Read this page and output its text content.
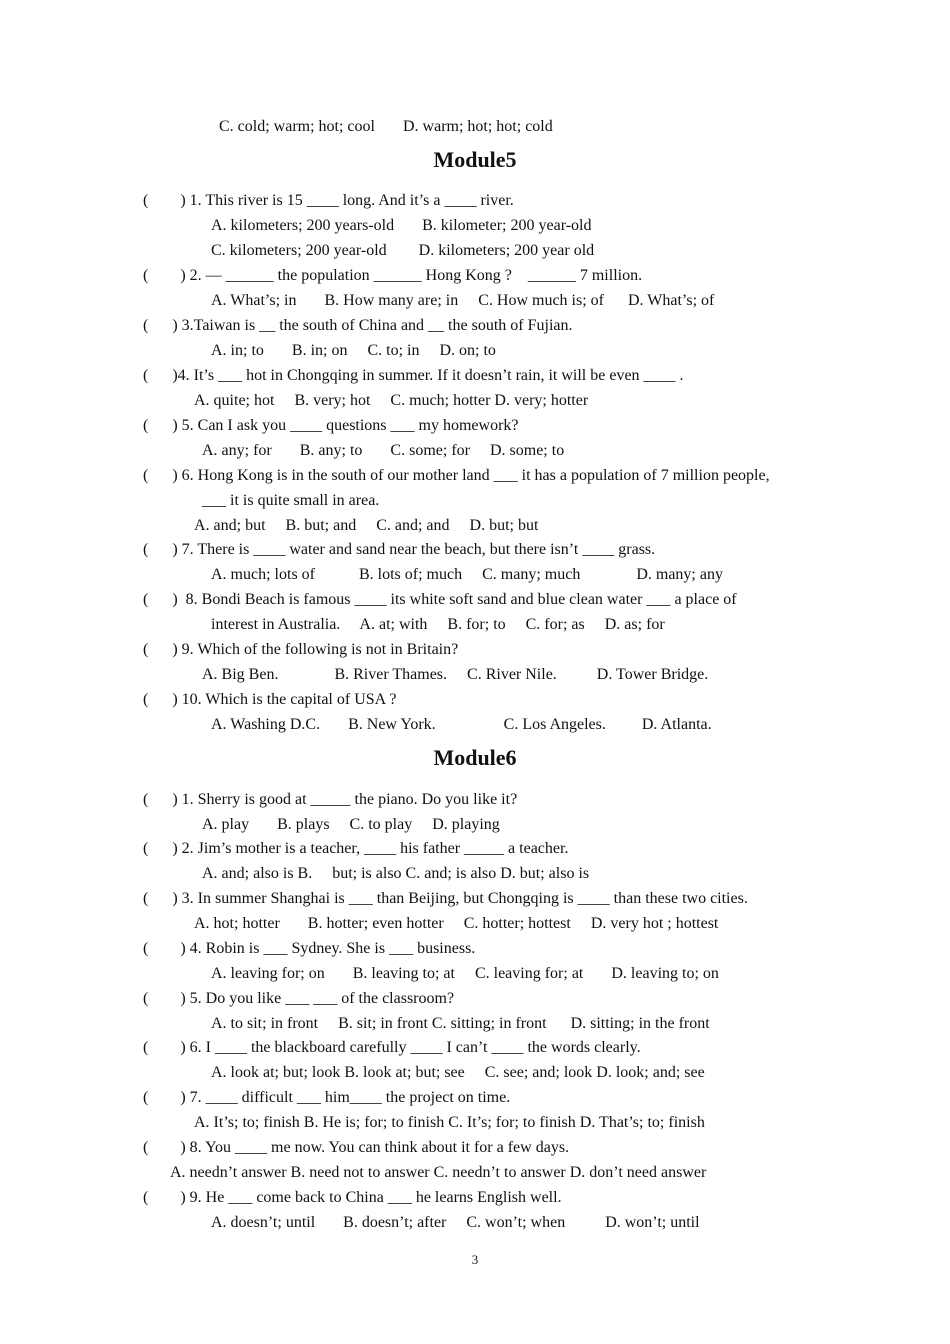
C. cold; warm; hot; cool       D. warm; hot; hot; cold
Module5
(        ) 1. This river is 15 ____ long. And it’s a ____ river.
A. kilometers; 200 years-old       B. kilometer; 200 year-old
C. kilometers; 200 year-old        D. kilometers; 200 year old
(        ) 2. — ______ the population ______ Hong Kong ?    ______ 7 million.
A. What’s; in       B. How many are; in     C. How much is; of      D. What’s; of
(      ) 3.Taiwan is __ the south of China and __ the south of Fujian.
A. in; to       B. in; on     C. to; in     D. on; to
(      )4. It’s ___ hot in Chongqing in summer. If it doesn’t rain, it will be even ____ .
A. quite; hot     B. very; hot     C. much; hotter D. very; hotter
(      ) 5. Can I ask you ____ questions ___ my homework?
A. any; for       B. any; to       C. some; for     D. some; to
(      ) 6. Hong Kong is in the south of our mother land ___ it has a population of 7 million people,
___ it is quite small in area.
A. and; but     B. but; and     C. and; and     D. but; but
(      ) 7. There is ____ water and sand near the beach, but there isn’t ____ grass.
A. much; lots of           B. lots of; much     C. many; much              D. many; any
(      )  8. Bondi Beach is famous ____ its white soft sand and blue clean water ___ a place of
interest in Australia.     A. at; with     B. for; to     C. for; as     D. as; for
(      ) 9. Which of the following is not in Britain?
A. Big Ben.              B. River Thames.     C. River Nile.          D. Tower Bridge.
(      ) 10. Which is the capital of USA ?
A. Washing D.C.       B. New York.                 C. Los Angeles.         D. Atlanta.
Module6
(      ) 1. Sherry is good at _____ the piano. Do you like it?
A. play       B. plays     C. to play     D. playing
(      ) 2. Jim’s mother is a teacher, ____ his father _____ a teacher.
A. and; also is B.     but; is also C. and; is also D. but; also is
(      ) 3. In summer Shanghai is ___ than Beijing, but Chongqing is ____ than these two cities.
A. hot; hotter       B. hotter; even hotter     C. hotter; hottest     D. very hot ; hottest
(        ) 4. Robin is ___ Sydney. She is ___ business.
A. leaving for; on       B. leaving to; at     C. leaving for; at       D. leaving to; on
(        ) 5. Do you like ___ ___ of the classroom?
A. to sit; in front     B. sit; in front C. sitting; in front      D. sitting; in the front
(        ) 6. I ____ the blackboard carefully ____ I can’t ____ the words clearly.
A. look at; but; look B. look at; but; see     C. see; and; look D. look; and; see
(        ) 7. ____ difficult ___ him____ the project on time.
A. It’s; to; finish B. He is; for; to finish C. It’s; for; to finish D. That’s; to; finish
(        ) 8. You ____ me now. You can think about it for a few days.
A. needn’t answer B. need not to answer C. needn’t to answer D. don’t need answer
(        ) 9. He ___ come back to China ___ he learns English well.
A. doesn’t; until       B. doesn’t; after     C. won’t; when          D. won’t; until
3
